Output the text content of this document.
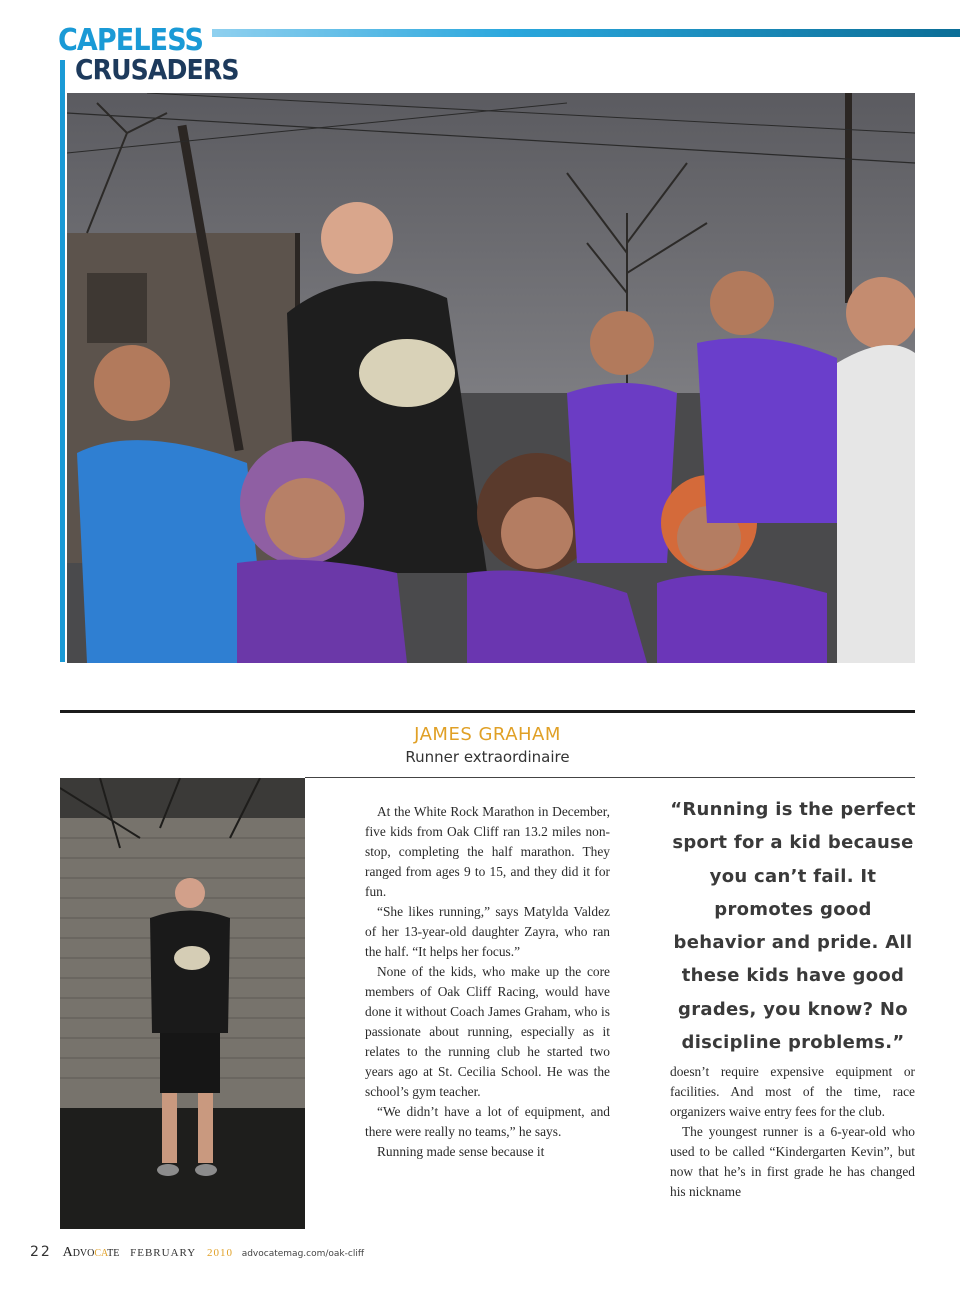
CAPELESS
CRUSADERS
JAMES GRAHAM
Runner extraordinaire

At the White Rock Marathon in December, five kids from Oak Cliff ran 13.2 miles non-stop, completing the half marathon. They ranged from ages 9 to 15, and they did it for fun.

“She likes running,” says Matylda Valdez of her 13-year-old daughter Zayra, who ran the half. “It helps her focus.”

None of the kids, who make up the core members of Oak Cliff Racing, would have done it without Coach James Graham, who is passionate about running, especially as it relates to the running club he started two years ago at St. Cecilia School. He was the school’s gym teacher.

“We didn’t have a lot of equipment, and there were really no teams,” he says.

Running made sense because it

“Running is the perfect sport for a kid because you can’t fail. It promotes good behavior and pride. All these kids have good grades, you know? No discipline problems.”

doesn’t require expensive equipment or facilities. And most of the time, race organizers waive entry fees for the club.

The youngest runner is a 6-year-old who used to be called “Kindergarten Kevin”, but now that he’s in first grade he has changed his nickname

22 Advocate FEBRUARY 2010 advocatemag.com/oak-cliff
